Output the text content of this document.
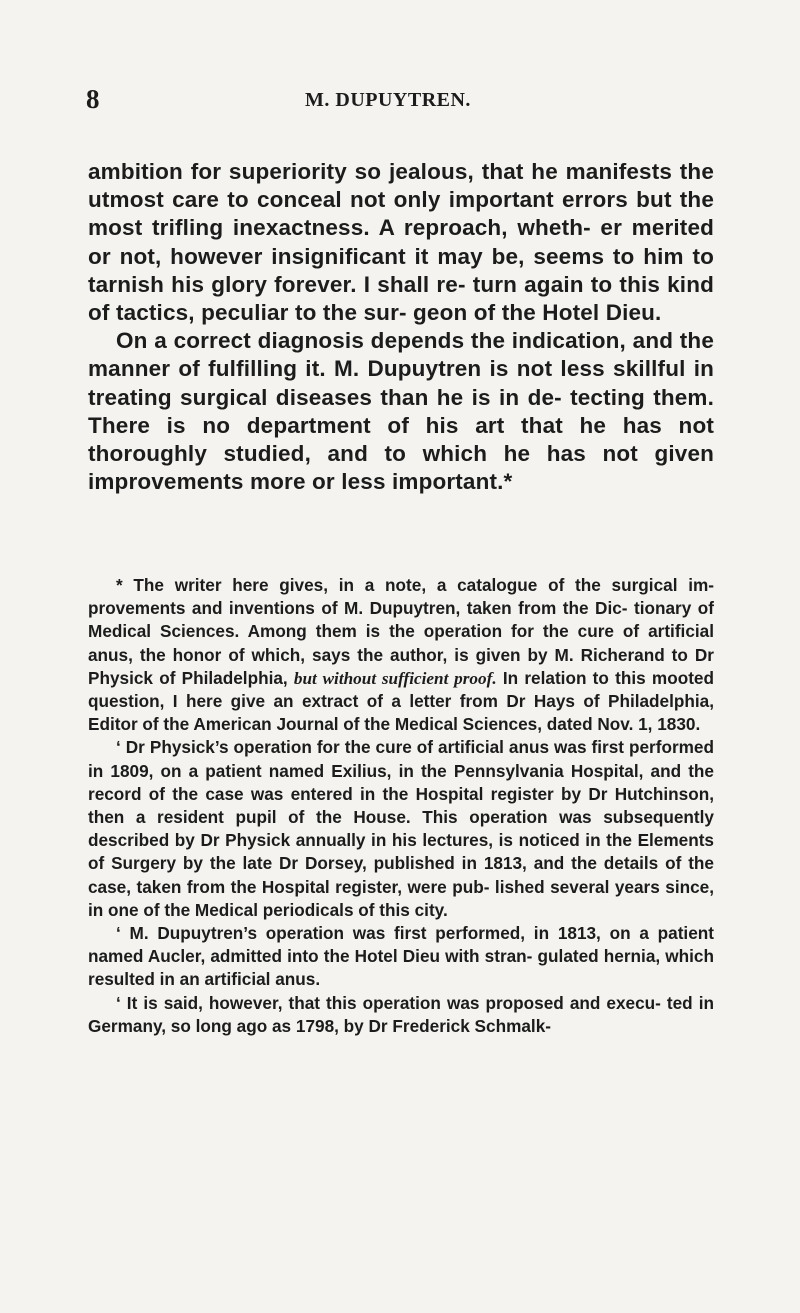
8	M. DUPUYTREN.

ambition for superiority so jealous, that he manifests the utmost care to conceal not only important errors but the most trifling inexactness. A reproach, wheth- er merited or not, however insignificant it may be, seems to him to tarnish his glory forever. I shall re- turn again to this kind of tactics, peculiar to the sur- geon of the Hotel Dieu.

On a correct diagnosis depends the indication, and the manner of fulfilling it. M. Dupuytren is not less skillful in treating surgical diseases than he is in de- tecting them. There is no department of his art that he has not thoroughly studied, and to which he has not given improvements more or less important.*

* The writer here gives, in a note, a catalogue of the surgical im- provements and inventions of M. Dupuytren, taken from the Dic- tionary of Medical Sciences. Among them is the operation for the cure of artificial anus, the honor of which, says the author, is given by M. Richerand to Dr Physick of Philadelphia, but without sufficient proof. In relation to this mooted question, I here give an extract of a letter from Dr Hays of Philadelphia, Editor of the American Journal of the Medical Sciences, dated Nov. 1, 1830.

‘ Dr Physick’s operation for the cure of artificial anus was first performed in 1809, on a patient named Exilius, in the Pennsylvania Hospital, and the record of the case was entered in the Hospital register by Dr Hutchinson, then a resident pupil of the House. This operation was subsequently described by Dr Physick annually in his lectures, is noticed in the Elements of Surgery by the late Dr Dorsey, published in 1813, and the details of the case, taken from the Hospital register, were pub- lished several years since, in one of the Medical periodicals of this city.

‘ M. Dupuytren’s operation was first performed, in 1813, on a patient named Aucler, admitted into the Hotel Dieu with stran- gulated hernia, which resulted in an artificial anus.

‘ It is said, however, that this operation was proposed and execu- ted in Germany, so long ago as 1798, by Dr Frederick Schmalk-
